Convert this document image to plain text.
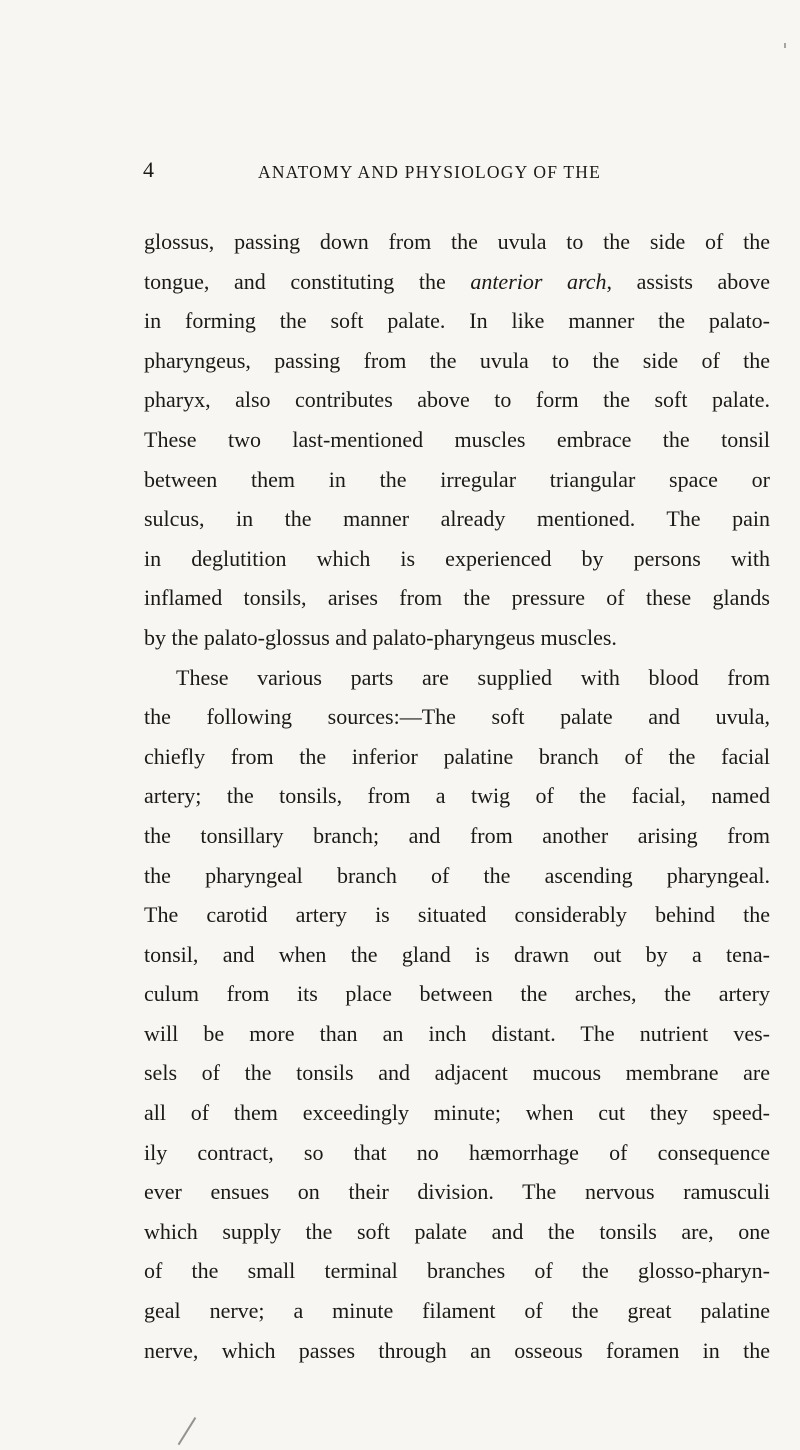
4	ANATOMY AND PHYSIOLOGY OF THE
glossus, passing down from the uvula to the side of the
tongue, and constituting the anterior arch, assists above
in forming the soft palate. In like manner the palato-
pharyngeus, passing from the uvula to the side of the
pharyx, also contributes above to form the soft palate.
These two last-mentioned muscles embrace the tonsil
between them in the irregular triangular space or
sulcus, in the manner already mentioned. The pain
in deglutition which is experienced by persons with
inflamed tonsils, arises from the pressure of these glands
by the palato-glossus and palato-pharyngeus muscles.
These various parts are supplied with blood from
the following sources:—The soft palate and uvula,
chiefly from the inferior palatine branch of the facial
artery; the tonsils, from a twig of the facial, named
the tonsillary branch; and from another arising from
the pharyngeal branch of the ascending pharyngeal.
The carotid artery is situated considerably behind the
tonsil, and when the gland is drawn out by a tena-
culum from its place between the arches, the artery
will be more than an inch distant. The nutrient ves-
sels of the tonsils and adjacent mucous membrane are
all of them exceedingly minute; when cut they speed-
ily contract, so that no hæmorrhage of consequence
ever ensues on their division. The nervous ramusculi
which supply the soft palate and the tonsils are, one
of the small terminal branches of the glosso-pharyn-
geal nerve; a minute filament of the great palatine
nerve, which passes through an osseous foramen in the
